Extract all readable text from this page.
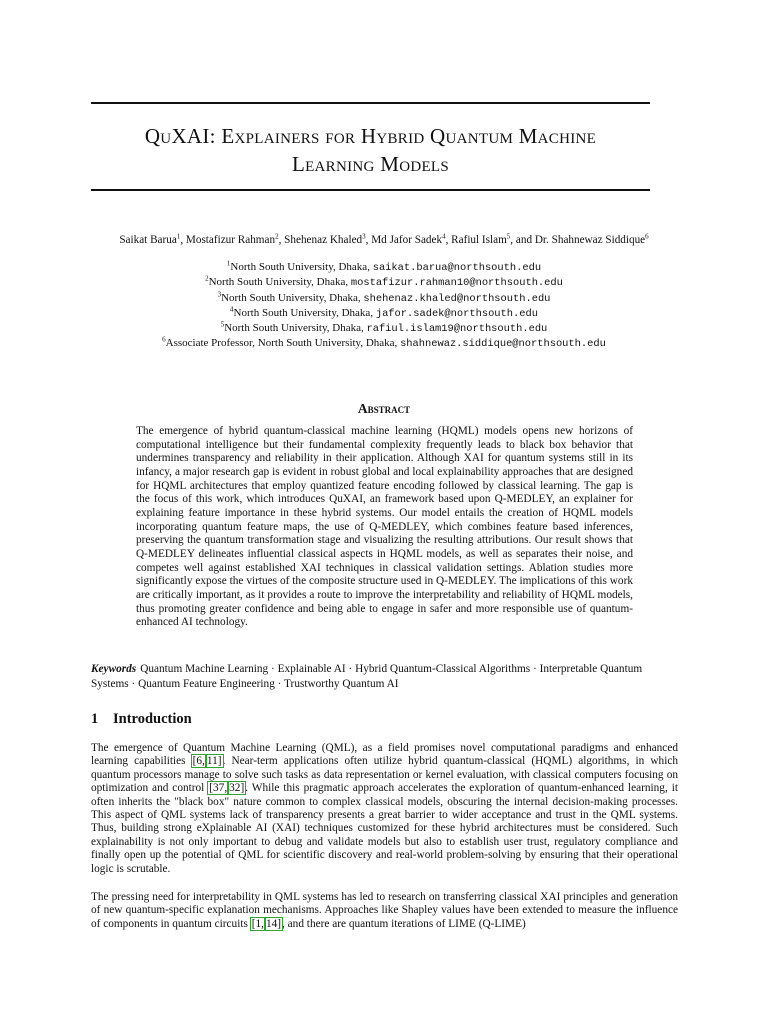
QuXAI: Explainers for Hybrid Quantum Machine
Learning Models
Saikat Barua$^1$, Mostafizur Rahman$^2$, Shehenaz Khaled$^3$, Md Jafor Sadek$^4$, Rafiul Islam$^5$, and Dr. Shahnewaz Siddique$^6$
$^1$North South University, Dhaka, saikat.barua@northsouth.edu
$^2$North South University, Dhaka, mostafizur.rahman10@northsouth.edu
$^3$North South University, Dhaka, shehenaz.khaled@northsouth.edu
$^4$North South University, Dhaka, jafor.sadek@northsouth.edu
$^5$North South University, Dhaka, rafiul.islam19@northsouth.edu
$^6$Associate Professor, North South University, Dhaka, shahnewaz.siddique@northsouth.edu
Abstract
The emergence of hybrid quantum-classical machine learning (HQML) models opens new horizons of computational intelligence but their fundamental complexity frequently leads to black box behavior that undermines transparency and reliability in their application. Although XAI for quantum systems still in its infancy, a major research gap is evident in robust global and local explainability approaches that are designed for HQML architectures that employ quantized feature encoding followed by classical learning. The gap is the focus of this work, which introduces QuXAI, an framework based upon Q-MEDLEY, an explainer for explaining feature importance in these hybrid systems. Our model entails the creation of HQML models incorporating quantum feature maps, the use of Q-MEDLEY, which combines feature based inferences, preserving the quantum transformation stage and visualizing the resulting attributions. Our result shows that Q-MEDLEY delineates influential classical aspects in HQML models, as well as separates their noise, and competes well against established XAI techniques in classical validation settings. Ablation studies more significantly expose the virtues of the composite structure used in Q-MEDLEY. The implications of this work are critically important, as it provides a route to improve the interpretability and reliability of HQML models, thus promoting greater confidence and being able to engage in safer and more responsible use of quantum-enhanced AI technology.
Keywords Quantum Machine Learning · Explainable AI · Hybrid Quantum-Classical Algorithms · Interpretable Quantum Systems · Quantum Feature Engineering · Trustworthy Quantum AI
1 Introduction
The emergence of Quantum Machine Learning (QML), as a field promises novel computational paradigms and enhanced learning capabilities [6, 11]. Near-term applications often utilize hybrid quantum-classical (HQML) algorithms, in which quantum processors manage to solve such tasks as data representation or kernel evaluation, with classical computers focusing on optimization and control [37, 32]. While this pragmatic approach accelerates the exploration of quantum-enhanced learning, it often inherits the "black box" nature common to complex classical models, obscuring the internal decision-making processes. This aspect of QML systems lack of transparency presents a great barrier to wider acceptance and trust in the QML systems. Thus, building strong eXplainable AI (XAI) techniques customized for these hybrid architectures must be considered. Such explainability is not only important to debug and validate models but also to establish user trust, regulatory compliance and finally open up the potential of QML for scientific discovery and real-world problem-solving by ensuring that their operational logic is scrutable.
The pressing need for interpretability in QML systems has led to research on transferring classical XAI principles and generation of new quantum-specific explanation mechanisms. Approaches like Shapley values have been extended to measure the influence of components in quantum circuits [1, 14], and there are quantum iterations of LIME (Q-LIME)
